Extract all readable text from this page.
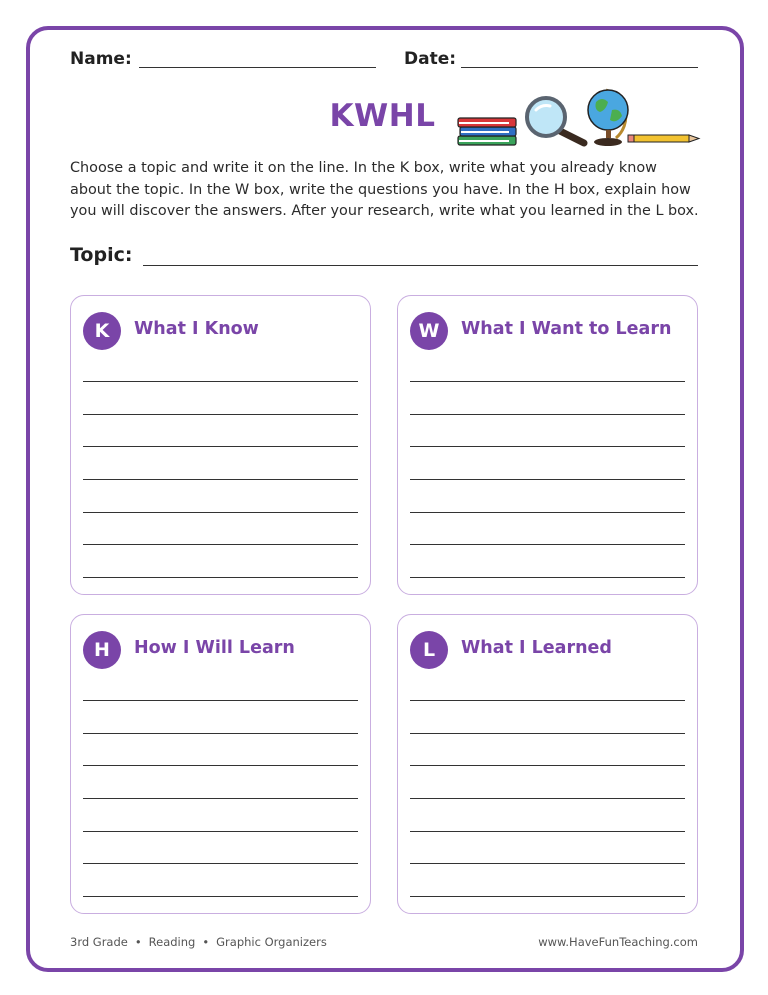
Name:	Date:
KWHL
Choose a topic and write it on the line. In the K box, write what you already know about the topic. In the W box, write the questions you have. In the H box, explain how you will discover the answers. After your research, write what you learned in the L box.
Topic:
K	What I Know	W	What I Want to Learn
H	How I Will Learn	L	What I Learned
3rd Grade • Reading • Graphic Organizers	www.HaveFunTeaching.com
